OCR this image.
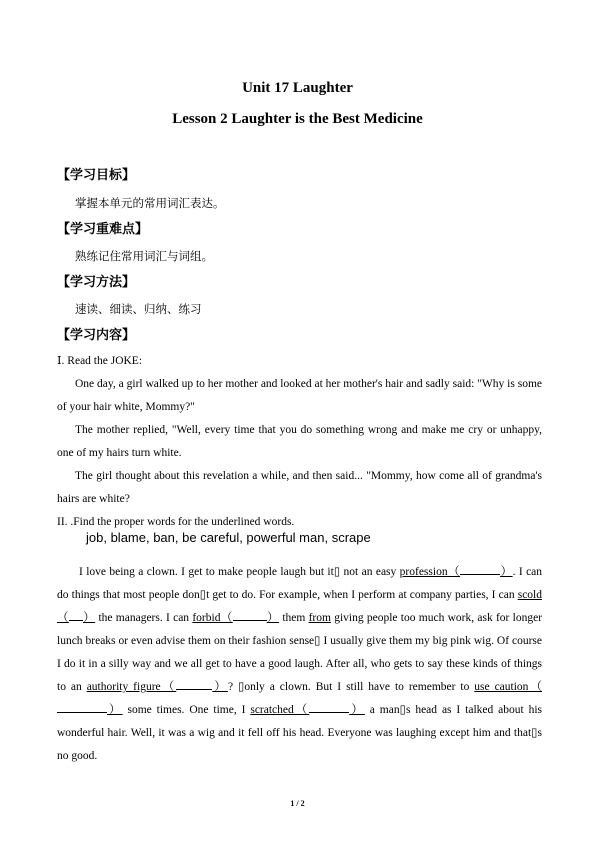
Unit 17 Laughter
Lesson 2 Laughter is the Best Medicine
【学习目标】
掌握本单元的常用词汇表达。
【学习重难点】
熟练记住常用词汇与词组。
【学习方法】
速读、细读、归纳、练习
【学习内容】
Ⅰ. Read the JOKE:

One day, a girl walked up to her mother and looked at her mother's hair and sadly said: "Why is some of your hair white, Mommy?"

The mother replied, "Well, every time that you do something wrong and make me cry or unhappy, one of my hairs turn white.

The girl thought about this revelation a while, and then said... "Mommy, how come all of grandma's hairs are white?

II. .Find the proper words for the underlined words.
job, blame, ban, be careful, powerful man, scrape

I love being a clown. I get to make people laugh but it▯ not an easy profession（	）. I can do things that most people don▯t get to do. For example, when I perform at company parties, I can scold（ ） the managers. I can forbid（	） them from giving people too much work, ask for longer lunch breaks or even advise them on their fashion sense▯ I usually give them my big pink wig. Of course I do it in a silly way and we all get to have a good laugh. After all, who gets to say these kinds of things to an authority figure（	）? ▯only a clown. But I still have to remember to use caution（） some times. One time, I scratched（	） a man▯s head as I talked about his wonderful hair. Well, it was a wig and it fell off his head. Everyone was laughing except him and that▯s no good.

1 / 2
